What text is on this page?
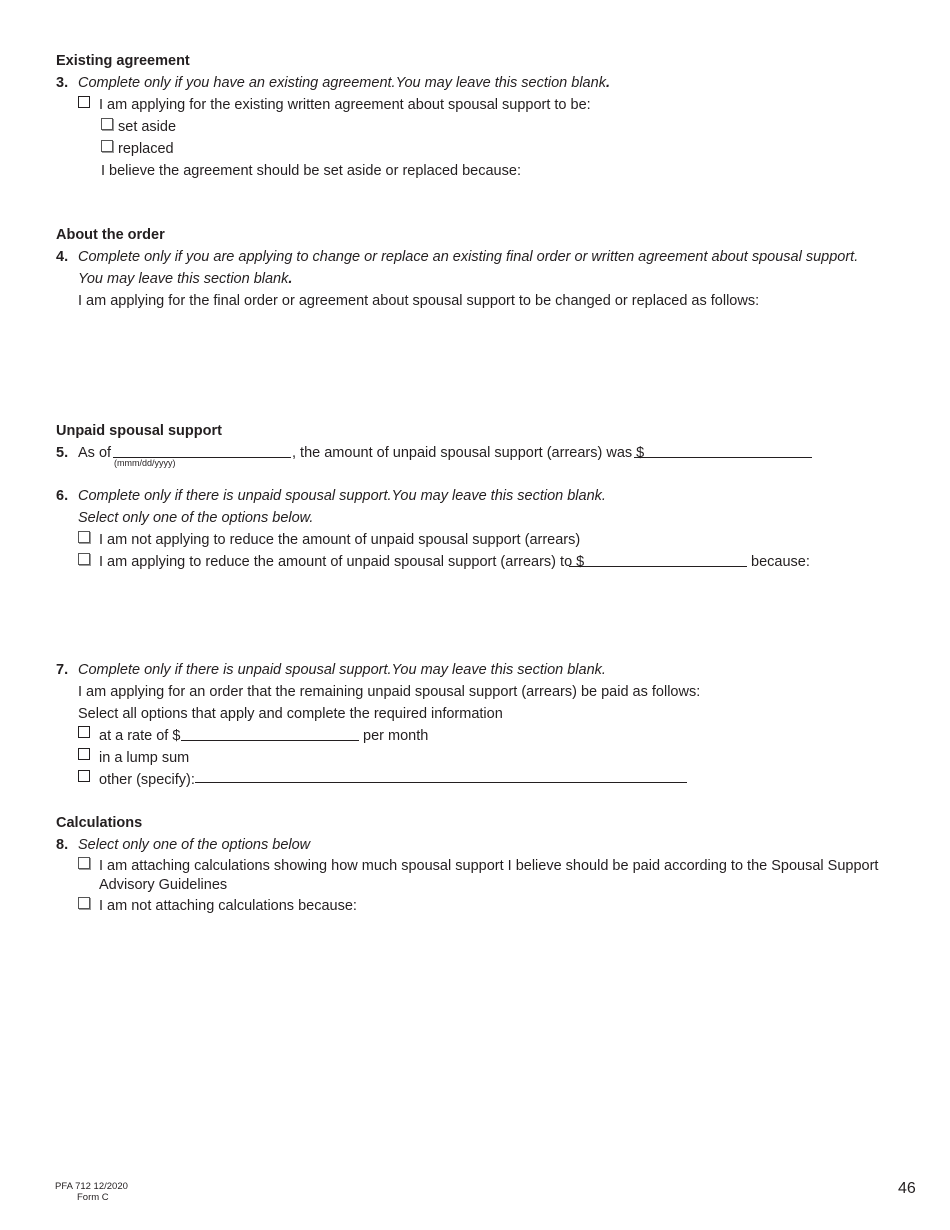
Existing agreement
3. Complete only if you have an existing agreement.You may leave this section blank.
I am applying for the existing written agreement about spousal support to be:
set aside
replaced
I believe the agreement should be set aside or replaced because:
About the order
4. Complete only if you are applying to change or replace an existing final order or written agreement about spousal support.
You may leave this section blank.
I am applying for the final order or agreement about spousal support to be changed or replaced as follows:
Unpaid spousal support
5. As of
(mmm/dd/yyyy)
, the amount of unpaid spousal support (arrears) was $
6. Complete only if there is unpaid spousal support.You may leave this section blank.
Select only one of the options below.
I am not applying to reduce the amount of unpaid spousal support (arrears)
I am applying to reduce the amount of unpaid spousal support (arrears) to $	because:
7. Complete only if there is unpaid spousal support.You may leave this section blank.
I am applying for an order that the remaining unpaid spousal support (arrears) be paid as follows:
Select all options that apply and complete the required information
at a rate of $	per month
in a lump sum
other (specify):
Calculations
8. Select only one of the options below
I am attaching calculations showing how much spousal support I believe should be paid according to the Spousal Support
Advisory Guidelines
I am not attaching calculations because:
PFA 712 12/2020
Form C
46
